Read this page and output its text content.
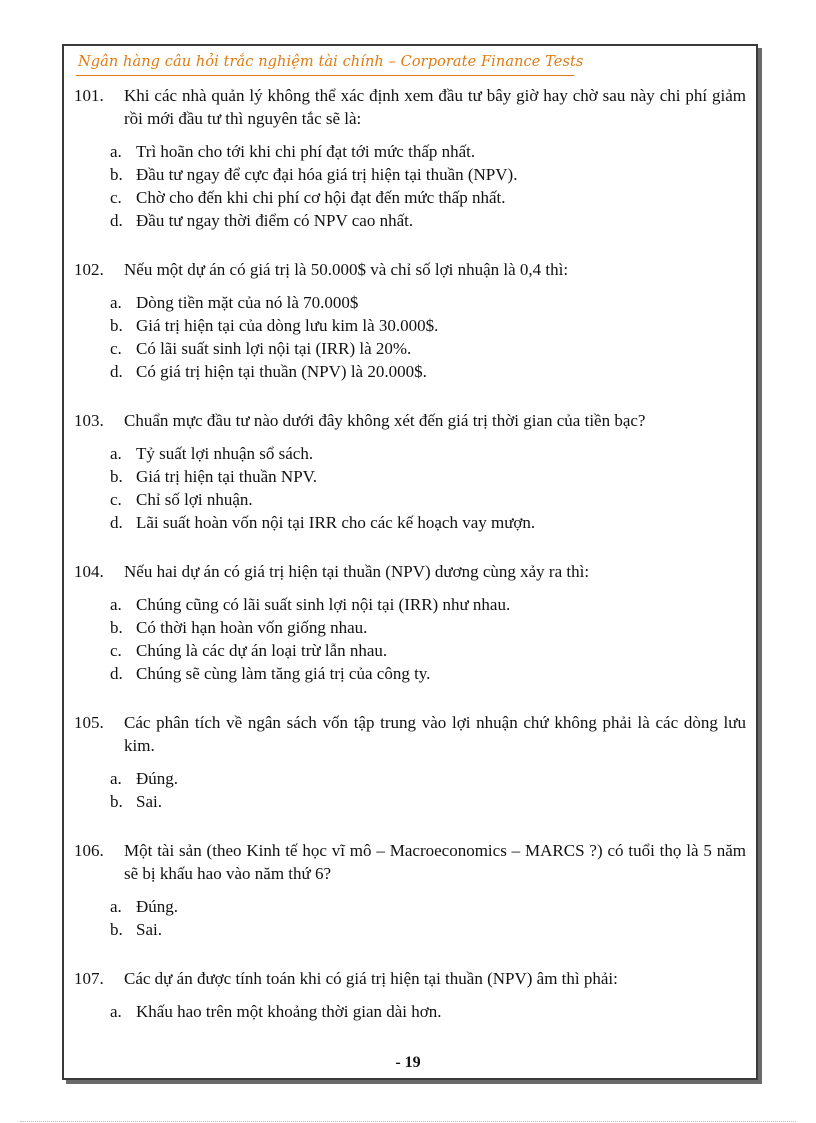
Ngân hàng câu hỏi trắc nghiệm tài chính – Corporate Finance Tests
101.	Khi các nhà quản lý không thể xác định xem đầu tư bây giờ hay chờ sau này chi phí giảm rồi mới đầu tư thì nguyên tắc sẽ là:
a. Trì hoãn cho tới khi chi phí đạt tới mức thấp nhất.
b. Đầu tư ngay để cực đại hóa giá trị hiện tại thuần (NPV).
c. Chờ cho đến khi chi phí cơ hội đạt đến mức thấp nhất.
d. Đầu tư ngay thời điểm có NPV cao nhất.
102.	Nếu một dự án có giá trị là 50.000$ và chỉ số lợi nhuận là 0,4 thì:
a. Dòng tiền mặt của nó là 70.000$
b. Giá trị hiện tại của dòng lưu kim là 30.000$.
c. Có lãi suất sinh lợi nội tại (IRR) là 20%.
d. Có giá trị hiện tại thuần (NPV) là 20.000$.
103.	Chuẩn mực đầu tư nào dưới đây không xét đến giá trị thời gian của tiền bạc?
a. Tỷ suất lợi nhuận sổ sách.
b. Giá trị hiện tại thuần NPV.
c. Chỉ số lợi nhuận.
d. Lãi suất hoàn vốn nội tại IRR cho các kế hoạch vay mượn.
104.	Nếu hai dự án có giá trị hiện tại thuần (NPV) dương cùng xảy ra thì:
a. Chúng cũng có lãi suất sinh lợi nội tại (IRR) như nhau.
b. Có thời hạn hoàn vốn giống nhau.
c. Chúng là các dự án loại trừ lẫn nhau.
d. Chúng sẽ cùng làm tăng giá trị của công ty.
105.	Các phân tích về ngân sách vốn tập trung vào lợi nhuận chứ không phải là các dòng lưu kim.
a. Đúng.
b. Sai.
106.	Một tài sản (theo Kinh tế học vĩ mô – Macroeconomics – MARCS ?) có tuổi thọ là 5 năm sẽ bị khấu hao vào năm thứ 6?
a. Đúng.
b. Sai.
107.	Các dự án được tính toán khi có giá trị hiện tại thuần (NPV) âm thì phải:
a. Khấu hao trên một khoảng thời gian dài hơn.
- 19
